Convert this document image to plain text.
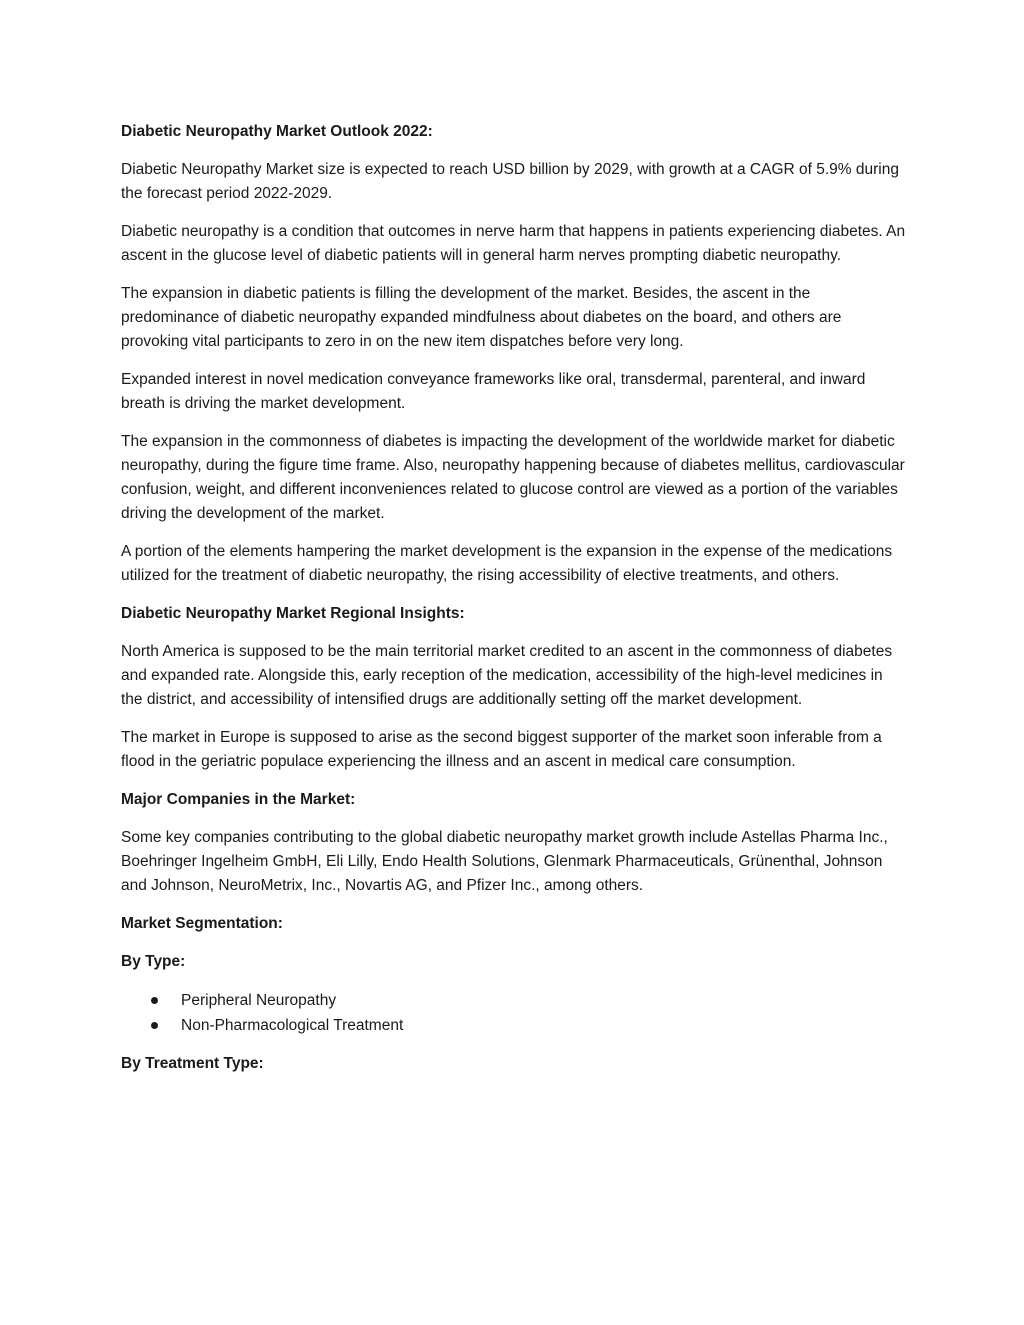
Diabetic Neuropathy Market Outlook 2022:

Diabetic Neuropathy Market size is expected to reach USD billion by 2029, with growth at a CAGR of 5.9% during the forecast period 2022-2029.

Diabetic neuropathy is a condition that outcomes in nerve harm that happens in patients experiencing diabetes. An ascent in the glucose level of diabetic patients will in general harm nerves prompting diabetic neuropathy.

The expansion in diabetic patients is filling the development of the market. Besides, the ascent in the predominance of diabetic neuropathy expanded mindfulness about diabetes on the board, and others are provoking vital participants to zero in on the new item dispatches before very long.

Expanded interest in novel medication conveyance frameworks like oral, transdermal, parenteral, and inward breath is driving the market development.

The expansion in the commonness of diabetes is impacting the development of the worldwide market for diabetic neuropathy, during the figure time frame. Also, neuropathy happening because of diabetes mellitus, cardiovascular confusion, weight, and different inconveniences related to glucose control are viewed as a portion of the variables driving the development of the market.

A portion of the elements hampering the market development is the expansion in the expense of the medications utilized for the treatment of diabetic neuropathy, the rising accessibility of elective treatments, and others.

Diabetic Neuropathy Market Regional Insights:

North America is supposed to be the main territorial market credited to an ascent in the commonness of diabetes and expanded rate. Alongside this, early reception of the medication, accessibility of the high-level medicines in the district, and accessibility of intensified drugs are additionally setting off the market development.

The market in Europe is supposed to arise as the second biggest supporter of the market soon inferable from a flood in the geriatric populace experiencing the illness and an ascent in medical care consumption.

Major Companies in the Market:

Some key companies contributing to the global diabetic neuropathy market growth include Astellas Pharma Inc., Boehringer Ingelheim GmbH, Eli Lilly, Endo Health Solutions, Glenmark Pharmaceuticals, Grünenthal, Johnson and Johnson, NeuroMetrix, Inc., Novartis AG, and Pfizer Inc., among others.

Market Segmentation:
By Type:
Peripheral Neuropathy
Non-Pharmacological Treatment
By Treatment Type:
